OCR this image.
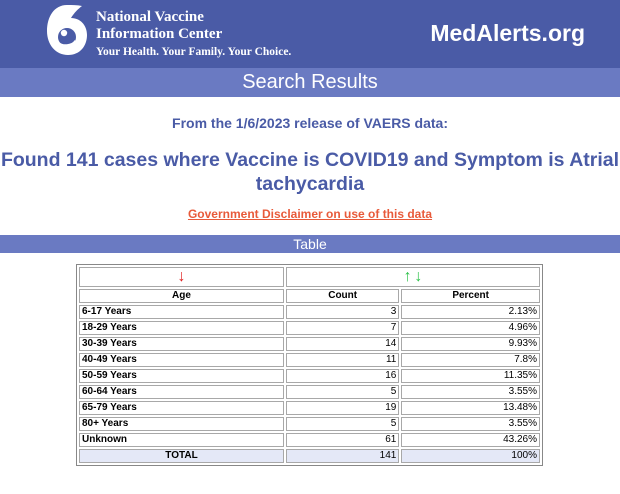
National Vaccine
Information Center
Your Health. Your Family. Your Choice.
MedAlerts.org
Search Results
From the 1/6/2023 release of VAERS data:
Found 141 cases where Vaccine is COVID19 and Symptom is Atrial tachycardia
Government Disclaimer on use of this data
Table
↓	↑ ↓	
Age	Count	Percent
6-17 Years	3	2.13%
18-29 Years	7	4.96%
30-39 Years	14	9.93%
40-49 Years	11	7.8%
50-59 Years	16	11.35%
60-64 Years	5	3.55%
65-79 Years	19	13.48%
80+ Years	5	3.55%
Unknown	61	43.26%
TOTAL	141	100%
